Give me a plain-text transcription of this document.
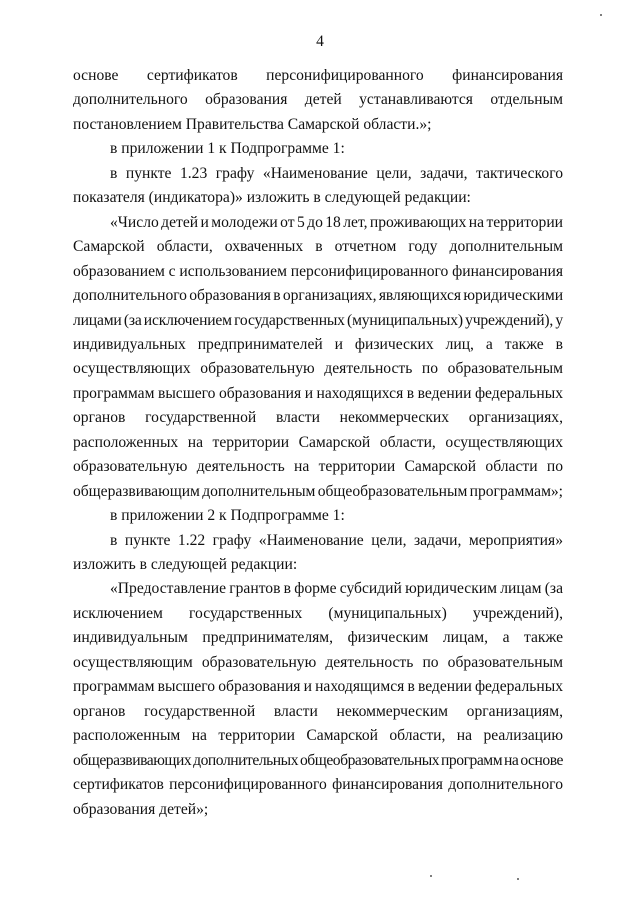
4
основе сертификатов персонифицированного финансирования
дополнительного образования детей устанавливаются отдельным
постановлением Правительства Самарской области.»;
в приложении 1 к Подпрограмме 1:
в пункте 1.23 графу «Наименование цели, задачи, тактического
показателя (индикатора)» изложить в следующей редакции:
«Число детей и молодежи от 5 до 18 лет, проживающих на территории
Самарской области, охваченных в отчетном году дополнительным
образованием с использованием персонифицированного финансирования
дополнительного образования в организациях, являющихся юридическими
лицами (за исключением государственных (муниципальных) учреждений), у
индивидуальных предпринимателей и физических лиц, а также в
осуществляющих образовательную деятельность по образовательным
программам высшего образования и находящихся в ведении федеральных
органов государственной власти некоммерческих организациях,
расположенных на территории Самарской области, осуществляющих
образовательную деятельность на территории Самарской области по
общеразвивающим дополнительным общеобразовательным программам»;
в приложении 2 к Подпрограмме 1:
в пункте 1.22 графу «Наименование цели, задачи, мероприятия»
изложить в следующей редакции:
«Предоставление грантов в форме субсидий юридическим лицам (за
исключением государственных (муниципальных) учреждений),
индивидуальным предпринимателям, физическим лицам, а также
осуществляющим образовательную деятельность по образовательным
программам высшего образования и находящимся в ведении федеральных
органов государственной власти некоммерческим организациям,
расположенным на территории Самарской области, на реализацию
общеразвивающих дополнительных общеобразовательных программ на основе
сертификатов персонифицированного финансирования дополнительного
образования детей»;
